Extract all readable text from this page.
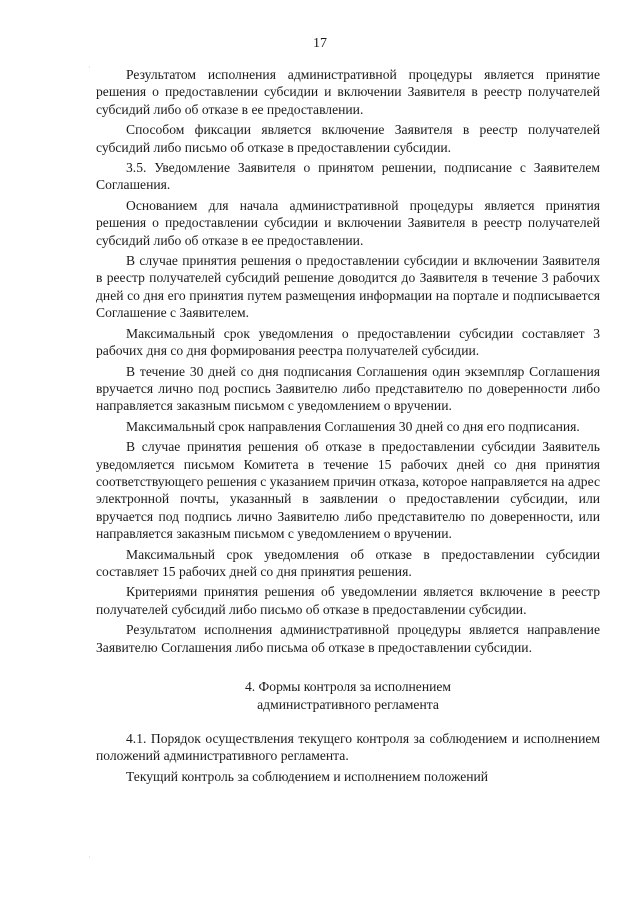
·
·
17

Результатом исполнения административной процедуры является принятие решения о предоставлении субсидии и включении Заявителя в реестр получателей субсидий либо об отказе в ее предоставлении.

Способом фиксации является включение Заявителя в реестр получателей субсидий либо письмо об отказе в предоставлении субсидии.

3.5. Уведомление Заявителя о принятом решении, подписание с Заявителем Соглашения.

Основанием для начала административной процедуры является принятия решения о предоставлении субсидии и включении Заявителя в реестр получателей субсидий либо об отказе в ее предоставлении.

В случае принятия решения о предоставлении субсидии и включении Заявителя в реестр получателей субсидий решение доводится до Заявителя в течение 3 рабочих дней со дня его принятия путем размещения информации на портале и подписывается Соглашение с Заявителем.

Максимальный срок уведомления о предоставлении субсидии составляет 3 рабочих дня со дня формирования реестра получателей субсидии.

В течение 30 дней со дня подписания Соглашения один экземпляр Соглашения вручается лично под роспись Заявителю либо представителю по доверенности либо направляется заказным письмом с уведомлением о вручении.

Максимальный срок направления Соглашения 30 дней со дня его подписания.

В случае принятия решения об отказе в предоставлении субсидии Заявитель уведомляется письмом Комитета в течение 15 рабочих дней со дня принятия соответствующего решения с указанием причин отказа, которое направляется на адрес электронной почты, указанный в заявлении о предоставлении субсидии, или вручается под подпись лично Заявителю либо представителю по доверенности, или направляется заказным письмом с уведомлением о вручении.

Максимальный срок уведомления об отказе в предоставлении субсидии составляет 15 рабочих дней со дня принятия решения.

Критериями принятия решения об уведомлении является включение в реестр получателей субсидий либо письмо об отказе в предоставлении субсидии.

Результатом исполнения административной процедуры является направление Заявителю Соглашения либо письма об отказе в предоставлении субсидии.

4. Формы контроля за исполнением
административного регламента

4.1. Порядок осуществления текущего контроля за соблюдением и исполнением положений административного регламента.

Текущий контроль за соблюдением и исполнением положений
